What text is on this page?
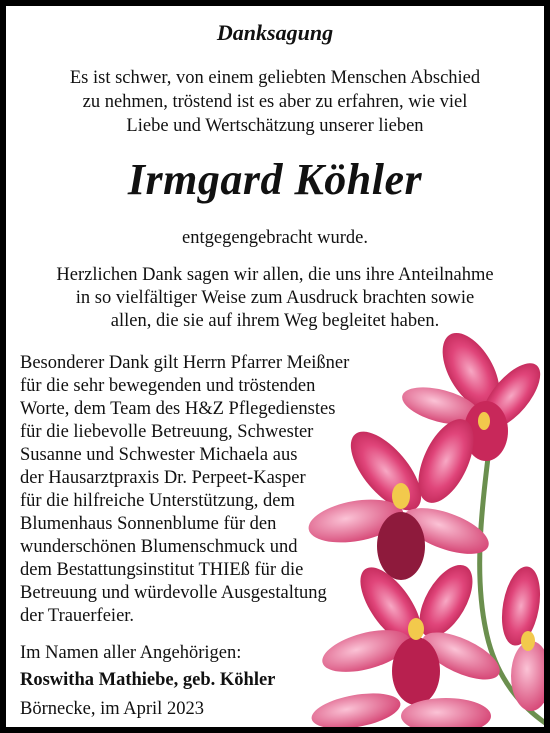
Danksagung
Es ist schwer, von einem geliebten Menschen Abschied
zu nehmen, tröstend ist es aber zu erfahren, wie viel
Liebe und Wertschätzung unserer lieben
Irmgard Köhler
entgegengebracht wurde.
Herzlichen Dank sagen wir allen, die uns ihre Anteilnahme
in so vielfältiger Weise zum Ausdruck brachten sowie
allen, die sie auf ihrem Weg begleitet haben.
Besonderer Dank gilt Herrn Pfarrer Meißner
für die sehr bewegenden und tröstenden
Worte, dem Team des H&Z Pflegedienstes
für die liebevolle Betreuung, Schwester
Susanne und Schwester Michaela aus
der Hausarztpraxis Dr. Perpeet-Kasper
für die hilfreiche Unterstützung, dem
Blumenhaus Sonnenblume für den
wunderschönen Blumenschmuck und
dem Bestattungsinstitut THIEß für die
Betreuung und würdevolle Ausgestaltung
der Trauerfeier.
Im Namen aller Angehörigen:
Roswitha Mathiebe, geb. Köhler
Börnecke, im April 2023
